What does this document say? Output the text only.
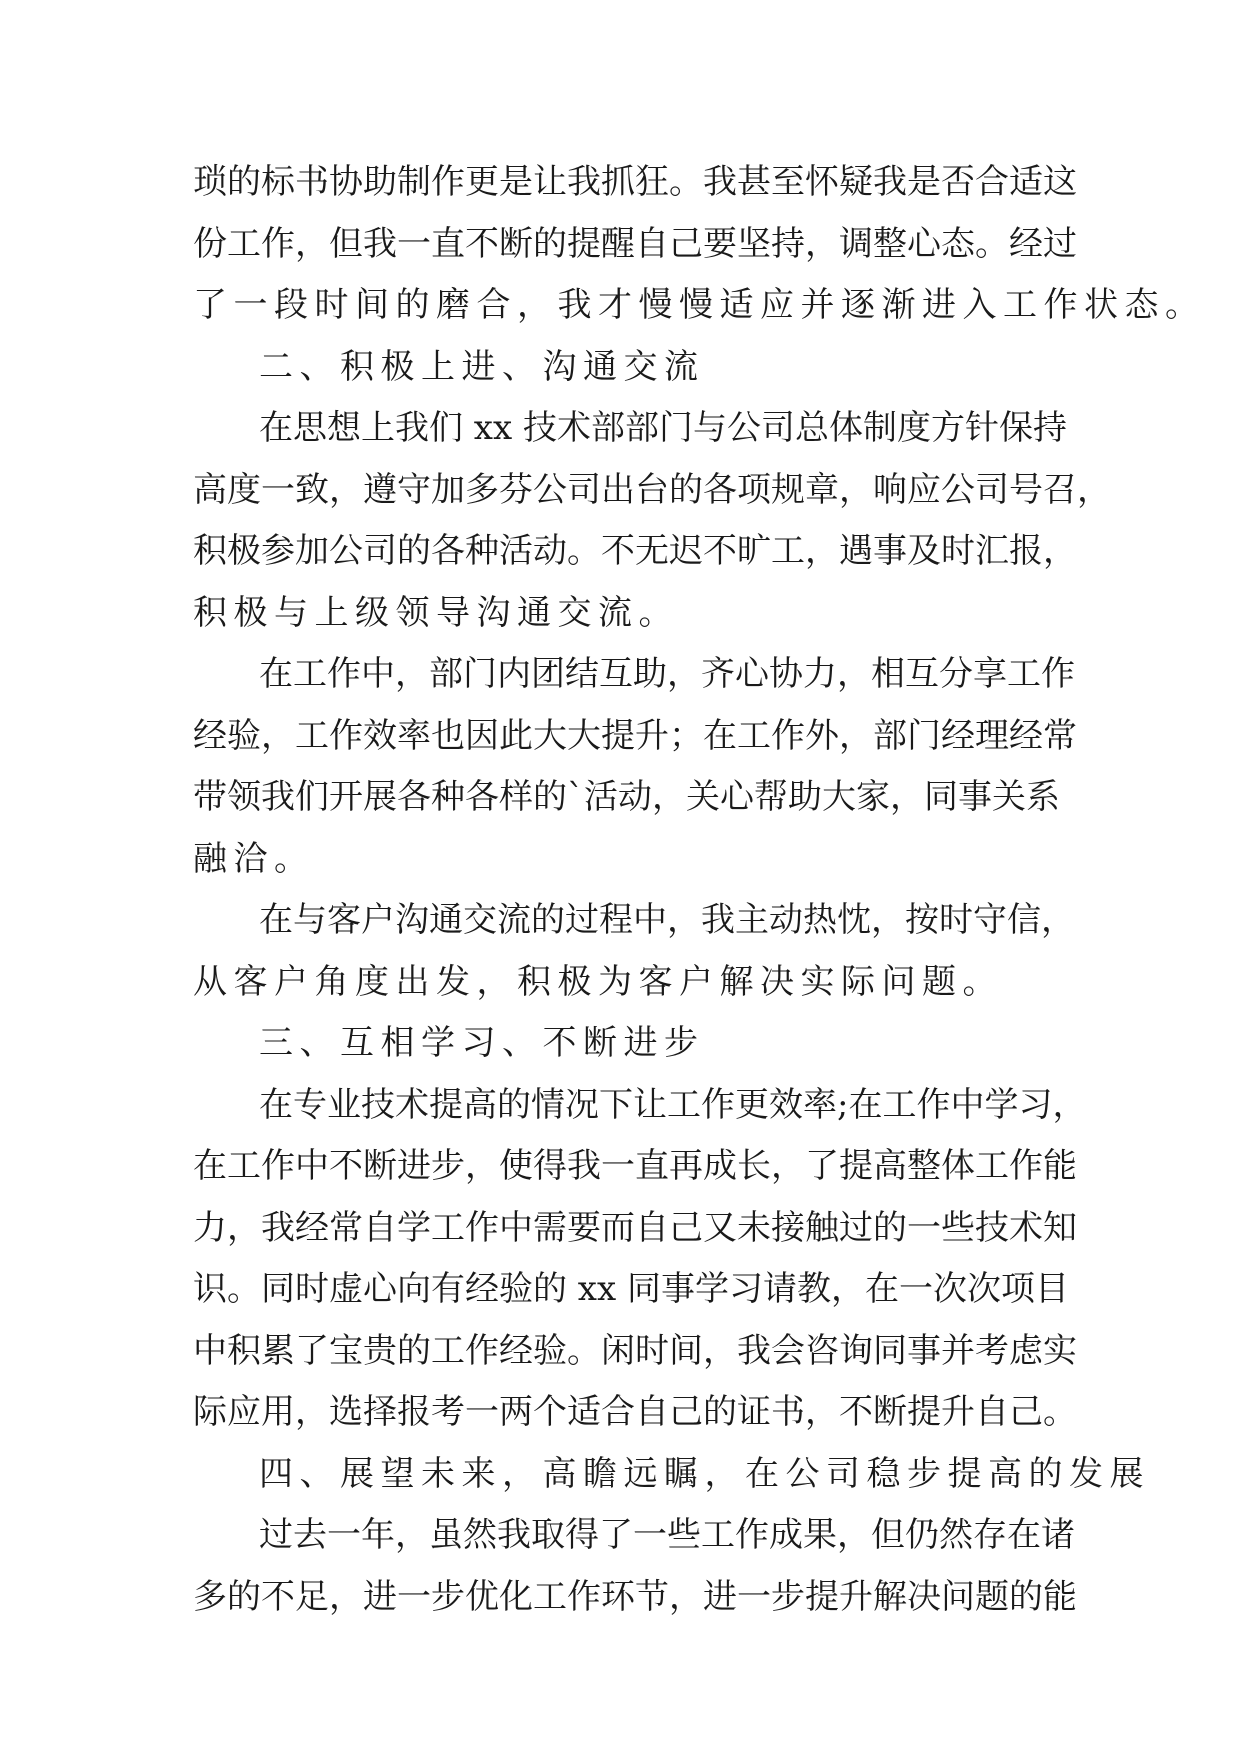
琐的标书协助制作更是让我抓狂。我甚至怀疑我是否合适这
份工作，但我一直不断的提醒自己要坚持，调整心态。经过
了一段时间的磨合，我才慢慢适应并逐渐进入工作状态。
二、积极上进、沟通交流
在思想上我们 xx 技术部部门与公司总体制度方针保持
高度一致，遵守加多芬公司出台的各项规章，响应公司号召，
积极参加公司的各种活动。不无迟不旷工，遇事及时汇报，
积极与上级领导沟通交流。
在工作中，部门内团结互助，齐心协力，相互分享工作
经验，工作效率也因此大大提升；在工作外，部门经理经常
带领我们开展各种各样的`活动，关心帮助大家，同事关系
融洽。
在与客户沟通交流的过程中，我主动热忱，按时守信，
从客户角度出发，积极为客户解决实际问题。
三、互相学习、不断进步
在专业技术提高的情况下让工作更效率;在工作中学习，
在工作中不断进步，使得我一直再成长，了提高整体工作能
力，我经常自学工作中需要而自己又未接触过的一些技术知
识。同时虚心向有经验的 xx 同事学习请教，在一次次项目
中积累了宝贵的工作经验。闲时间，我会咨询同事并考虑实
际应用，选择报考一两个适合自己的证书，不断提升自己。
四、展望未来，高瞻远瞩，在公司稳步提高的发展
过去一年，虽然我取得了一些工作成果，但仍然存在诸
多的不足，进一步优化工作环节，进一步提升解决问题的能
